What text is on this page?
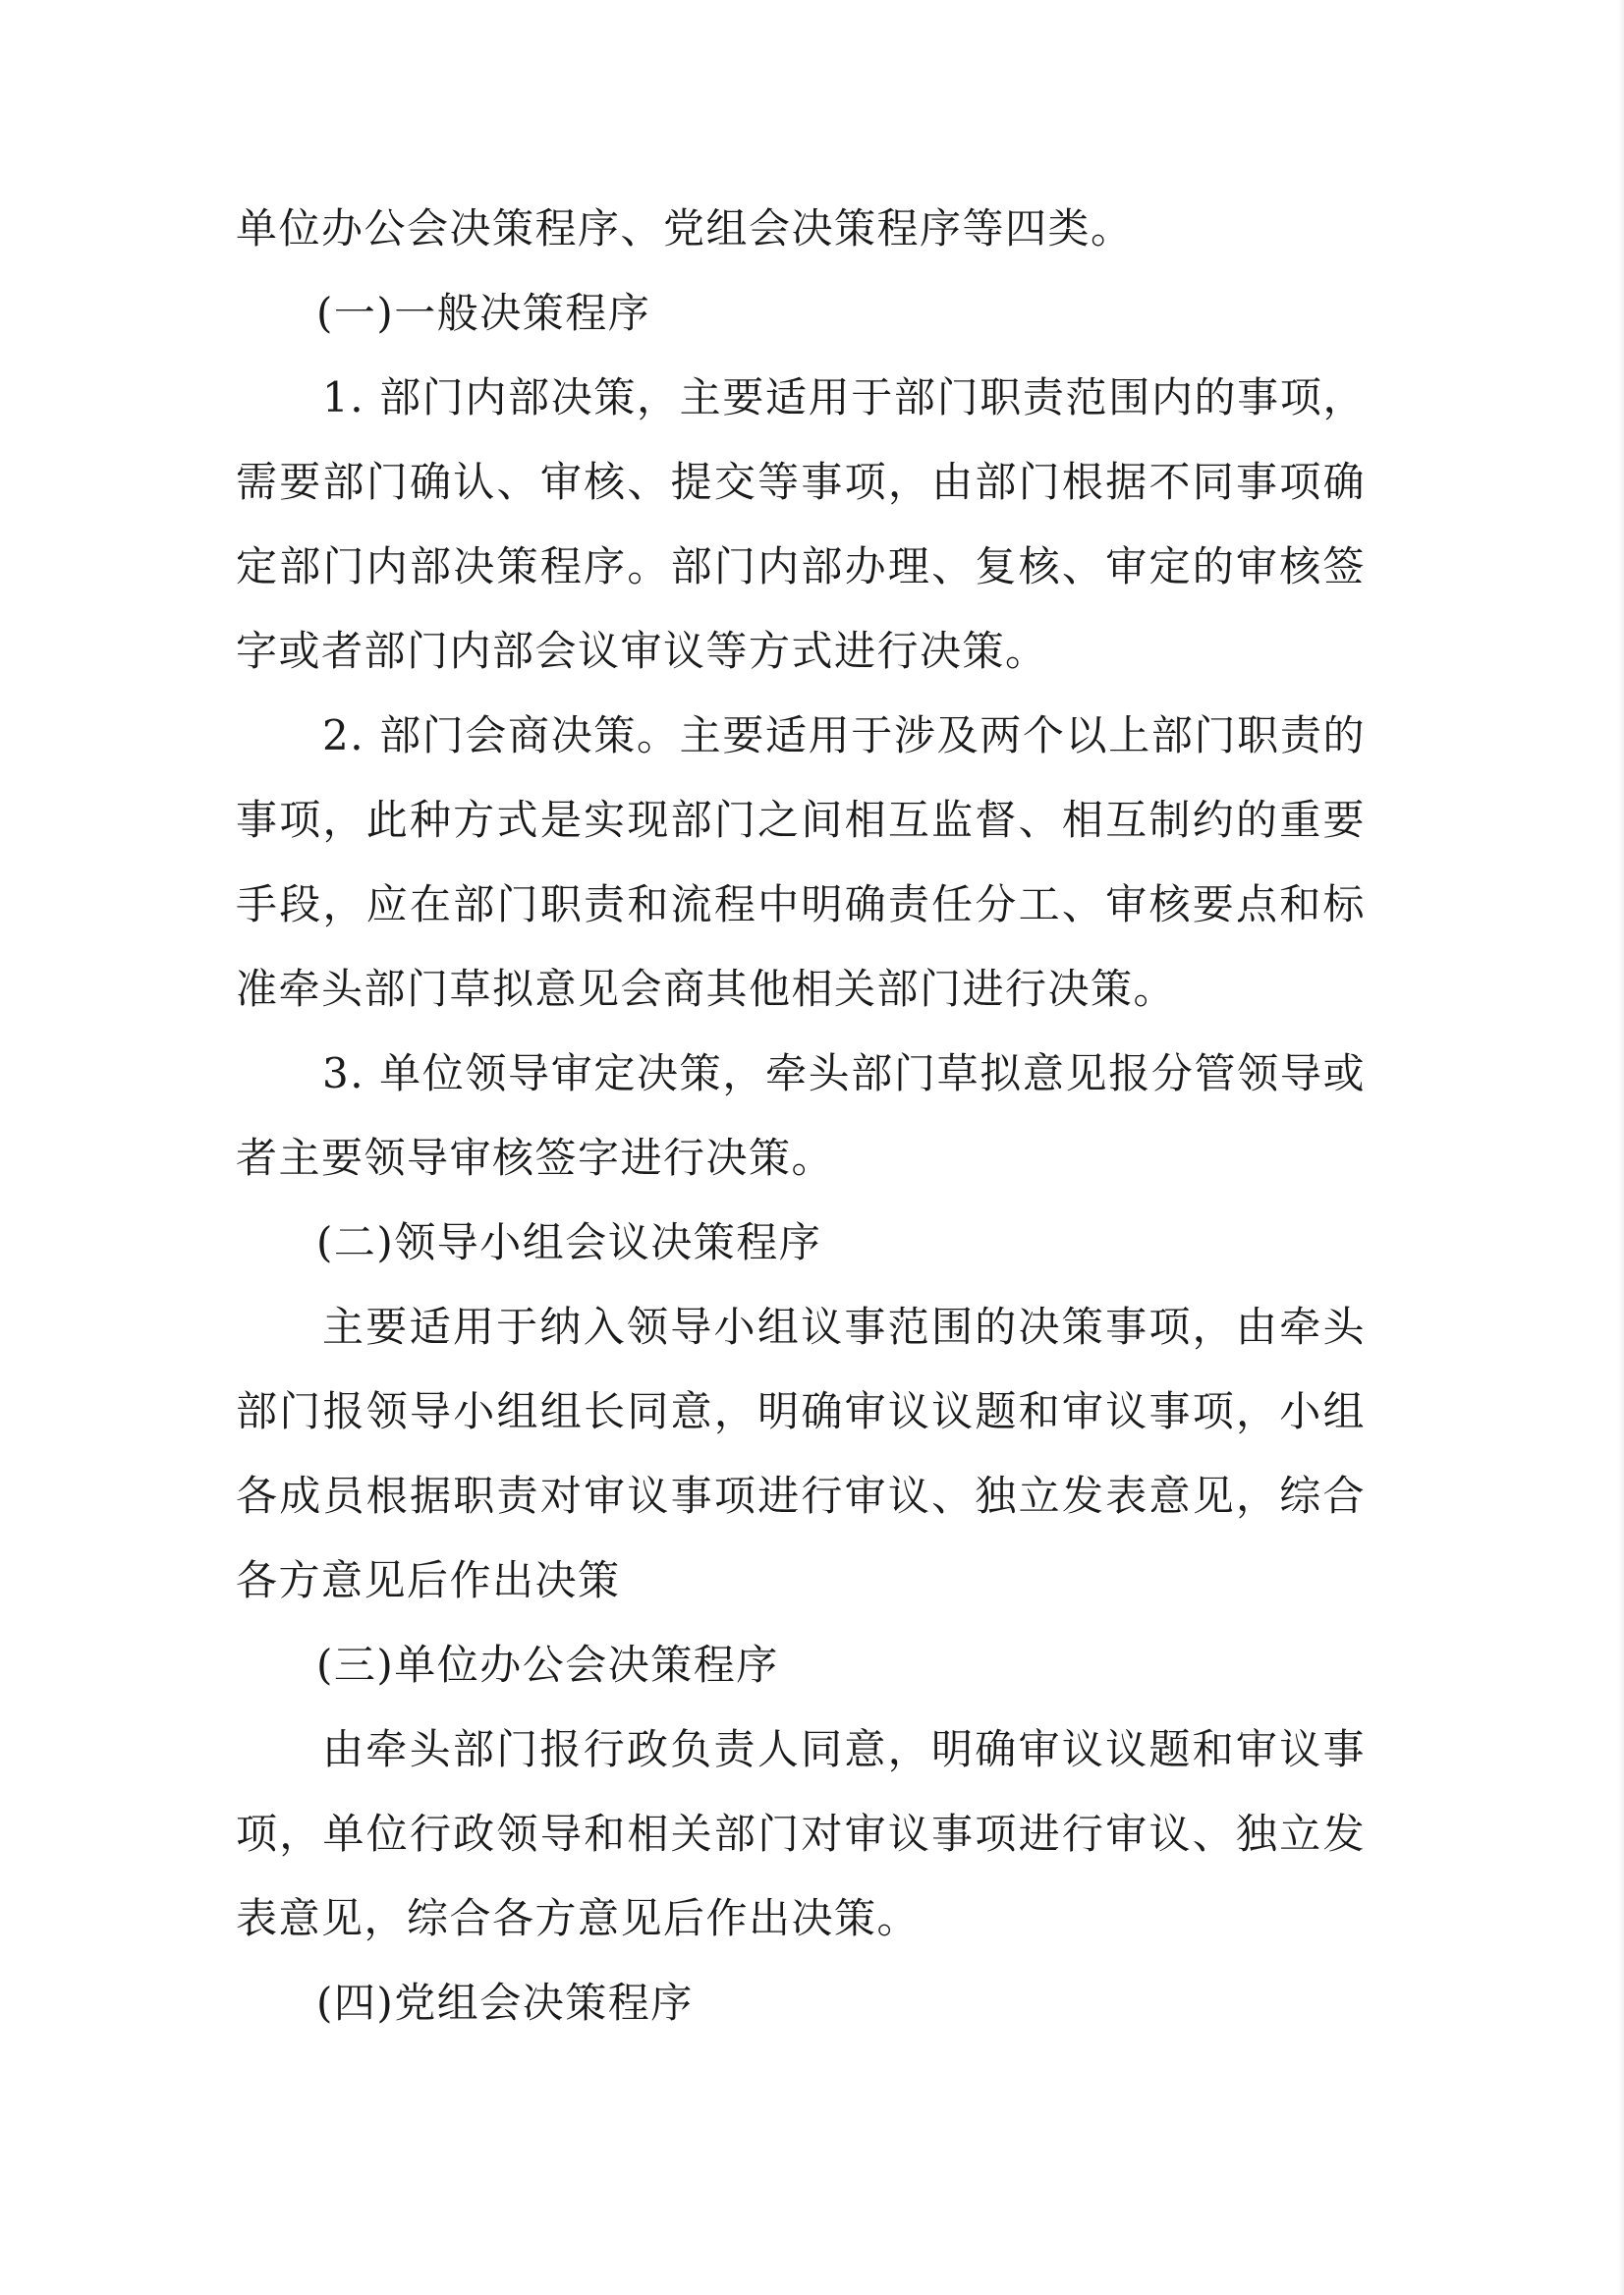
单位办公会决策程序、党组会决策程序等四类。
(一)一般决策程序
1. 部门内部决策，主要适用于部门职责范围内的事项，
需要部门确认、审核、提交等事项，由部门根据不同事项确
定部门内部决策程序。部门内部办理、复核、审定的审核签
字或者部门内部会议审议等方式进行决策。
2. 部门会商决策。主要适用于涉及两个以上部门职责的
事项，此种方式是实现部门之间相互监督、相互制约的重要
手段，应在部门职责和流程中明确责任分工、审核要点和标
准牵头部门草拟意见会商其他相关部门进行决策。
3. 单位领导审定决策，牵头部门草拟意见报分管领导或
者主要领导审核签字进行决策。
(二)领导小组会议决策程序
主要适用于纳入领导小组议事范围的决策事项，由牵头
部门报领导小组组长同意，明确审议议题和审议事项，小组
各成员根据职责对审议事项进行审议、独立发表意见，综合
各方意见后作出决策
(三)单位办公会决策程序
由牵头部门报行政负责人同意，明确审议议题和审议事
项，单位行政领导和相关部门对审议事项进行审议、独立发
表意见，综合各方意见后作出决策。
(四)党组会决策程序
